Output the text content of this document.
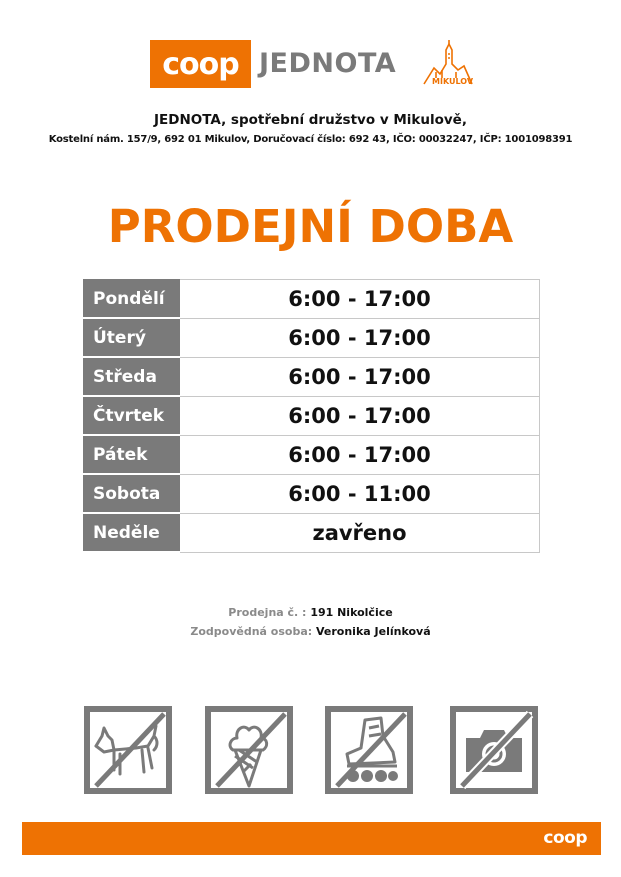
coop JEDNOTA
MIKULOV
JEDNOTA, spotřební družstvo v Mikulově,
Kostelní nám. 157/9, 692 01 Mikulov, Doručovací číslo: 692 43, IČO: 00032247, IČP: 1001098391
PRODEJNÍ DOBA
Pondělí	6:00 - 17:00
Úterý	6:00 - 17:00
Středa	6:00 - 17:00
Čtvrtek	6:00 - 17:00
Pátek	6:00 - 17:00
Sobota	6:00 - 11:00
Neděle	zavřeno
Prodejna č. : 191 Nikolčice
Zodpovědná osoba: Veronika Jelínková
coop
